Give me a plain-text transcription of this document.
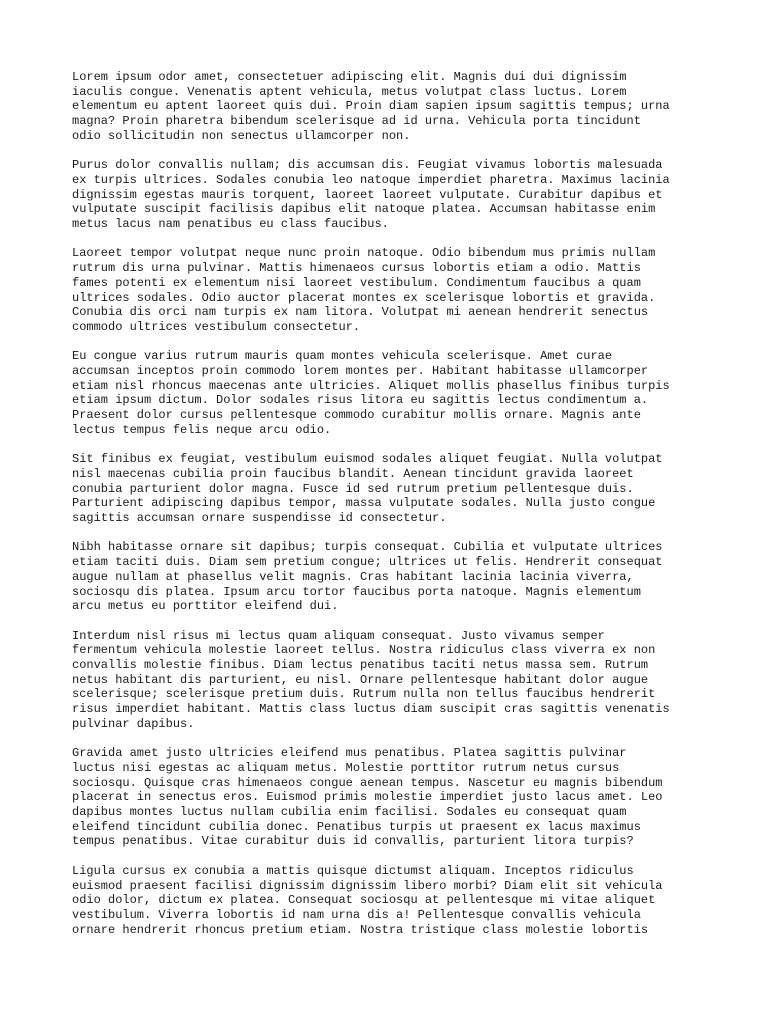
Lorem ipsum odor amet, consectetuer adipiscing elit. Magnis dui dui dignissim
iaculis congue. Venenatis aptent vehicula, metus volutpat class luctus. Lorem
elementum eu aptent laoreet quis dui. Proin diam sapien ipsum sagittis tempus; urna
magna? Proin pharetra bibendum scelerisque ad id urna. Vehicula porta tincidunt
odio sollicitudin non senectus ullamcorper non.
Purus dolor convallis nullam; dis accumsan dis. Feugiat vivamus lobortis malesuada
ex turpis ultrices. Sodales conubia leo natoque imperdiet pharetra. Maximus lacinia
dignissim egestas mauris torquent, laoreet laoreet vulputate. Curabitur dapibus et
vulputate suscipit facilisis dapibus elit natoque platea. Accumsan habitasse enim
metus lacus nam penatibus eu class faucibus.
Laoreet tempor volutpat neque nunc proin natoque. Odio bibendum mus primis nullam
rutrum dis urna pulvinar. Mattis himenaeos cursus lobortis etiam a odio. Mattis
fames potenti ex elementum nisi laoreet vestibulum. Condimentum faucibus a quam
ultrices sodales. Odio auctor placerat montes ex scelerisque lobortis et gravida.
Conubia dis orci nam turpis ex nam litora. Volutpat mi aenean hendrerit senectus
commodo ultrices vestibulum consectetur.
Eu congue varius rutrum mauris quam montes vehicula scelerisque. Amet curae
accumsan inceptos proin commodo lorem montes per. Habitant habitasse ullamcorper
etiam nisl rhoncus maecenas ante ultricies. Aliquet mollis phasellus finibus turpis
etiam ipsum dictum. Dolor sodales risus litora eu sagittis lectus condimentum a.
Praesent dolor cursus pellentesque commodo curabitur mollis ornare. Magnis ante
lectus tempus felis neque arcu odio.
Sit finibus ex feugiat, vestibulum euismod sodales aliquet feugiat. Nulla volutpat
nisl maecenas cubilia proin faucibus blandit. Aenean tincidunt gravida laoreet
conubia parturient dolor magna. Fusce id sed rutrum pretium pellentesque duis.
Parturient adipiscing dapibus tempor, massa vulputate sodales. Nulla justo congue
sagittis accumsan ornare suspendisse id consectetur.
Nibh habitasse ornare sit dapibus; turpis consequat. Cubilia et vulputate ultrices
etiam taciti duis. Diam sem pretium congue; ultrices ut felis. Hendrerit consequat
augue nullam at phasellus velit magnis. Cras habitant lacinia lacinia viverra,
sociosqu dis platea. Ipsum arcu tortor faucibus porta natoque. Magnis elementum
arcu metus eu porttitor eleifend dui.
Interdum nisl risus mi lectus quam aliquam consequat. Justo vivamus semper
fermentum vehicula molestie laoreet tellus. Nostra ridiculus class viverra ex non
convallis molestie finibus. Diam lectus penatibus taciti netus massa sem. Rutrum
netus habitant dis parturient, eu nisl. Ornare pellentesque habitant dolor augue
scelerisque; scelerisque pretium duis. Rutrum nulla non tellus faucibus hendrerit
risus imperdiet habitant. Mattis class luctus diam suscipit cras sagittis venenatis
pulvinar dapibus.
Gravida amet justo ultricies eleifend mus penatibus. Platea sagittis pulvinar
luctus nisi egestas ac aliquam metus. Molestie porttitor rutrum netus cursus
sociosqu. Quisque cras himenaeos congue aenean tempus. Nascetur eu magnis bibendum
placerat in senectus eros. Euismod primis molestie imperdiet justo lacus amet. Leo
dapibus montes luctus nullam cubilia enim facilisi. Sodales eu consequat quam
eleifend tincidunt cubilia donec. Penatibus turpis ut praesent ex lacus maximus
tempus penatibus. Vitae curabitur duis id convallis, parturient litora turpis?
Ligula cursus ex conubia a mattis quisque dictumst aliquam. Inceptos ridiculus
euismod praesent facilisi dignissim dignissim libero morbi? Diam elit sit vehicula
odio dolor, dictum ex platea. Consequat sociosqu at pellentesque mi vitae aliquet
vestibulum. Viverra lobortis id nam urna dis a! Pellentesque convallis vehicula
ornare hendrerit rhoncus pretium etiam. Nostra tristique class molestie lobortis
